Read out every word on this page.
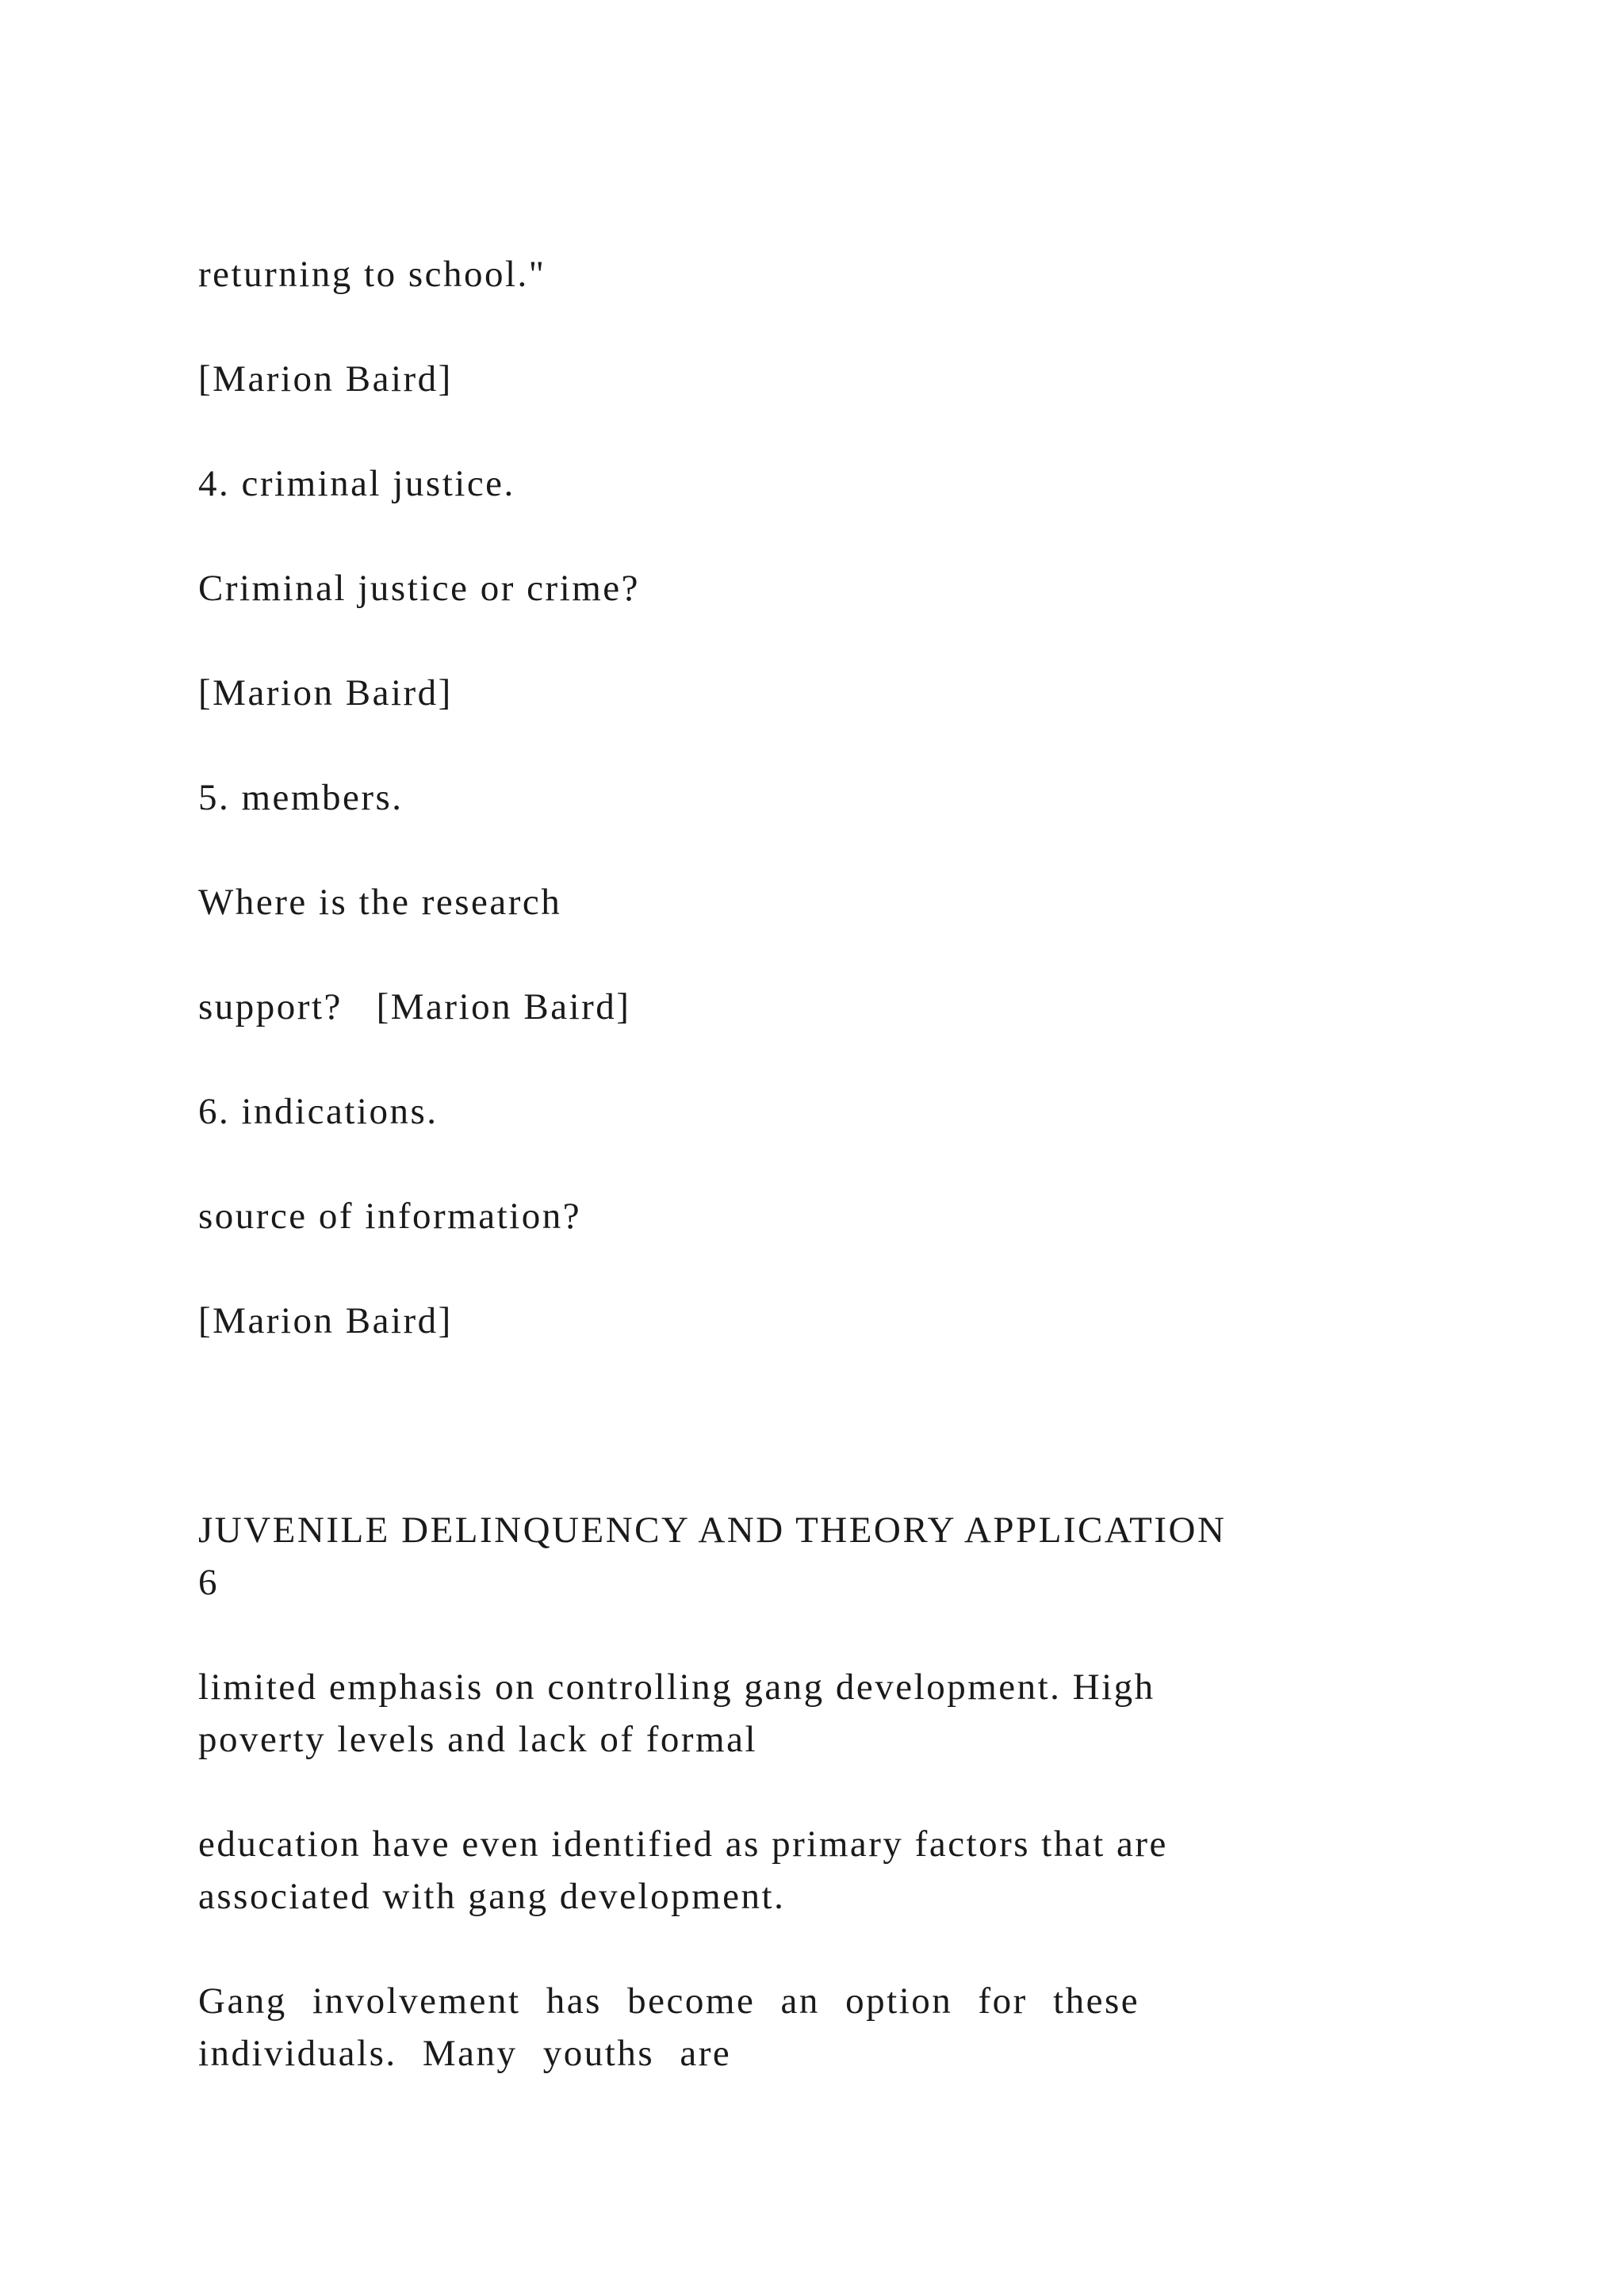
returning to school."

[Marion Baird]

4. criminal justice.

Criminal justice or crime?

[Marion Baird]

5. members.

Where is the research

support?   [Marion Baird]

6. indications.

source of information?

[Marion Baird]

JUVENILE DELINQUENCY AND THEORY APPLICATION

6

limited emphasis on controlling gang development. High

poverty levels and lack of formal

education have even identified as primary factors that are

associated with gang development.

Gang involvement has become an option for these

individuals. Many youths are
